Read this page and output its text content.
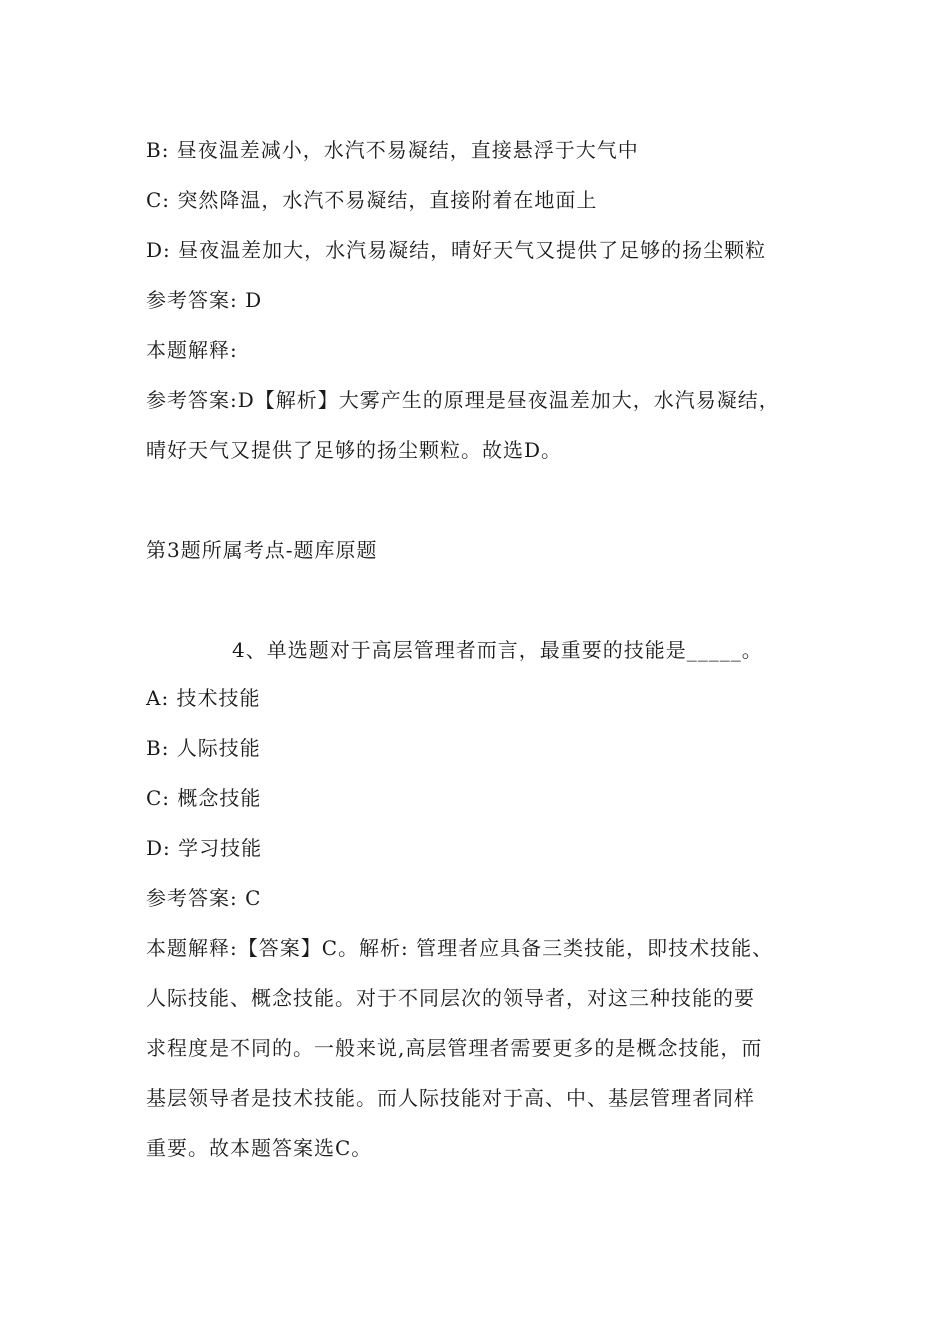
B: 昼夜温差减小，水汽不易凝结，直接悬浮于大气中
C: 突然降温，水汽不易凝结，直接附着在地面上
D: 昼夜温差加大，水汽易凝结，晴好天气又提供了足够的扬尘颗粒
参考答案: D
本题解释:
参考答案:D【解析】大雾产生的原理是昼夜温差加大，水汽易凝结，
晴好天气又提供了足够的扬尘颗粒。故选D。
第3题所属考点-题库原题
4、单选题对于高层管理者而言，最重要的技能是_____。
A: 技术技能
B: 人际技能
C: 概念技能
D: 学习技能
参考答案: C
本题解释:【答案】C。解析: 管理者应具备三类技能，即技术技能、
人际技能、概念技能。对于不同层次的领导者，对这三种技能的要
求程度是不同的。一般来说,高层管理者需要更多的是概念技能，而
基层领导者是技术技能。而人际技能对于高、中、基层管理者同样
重要。故本题答案选C。
